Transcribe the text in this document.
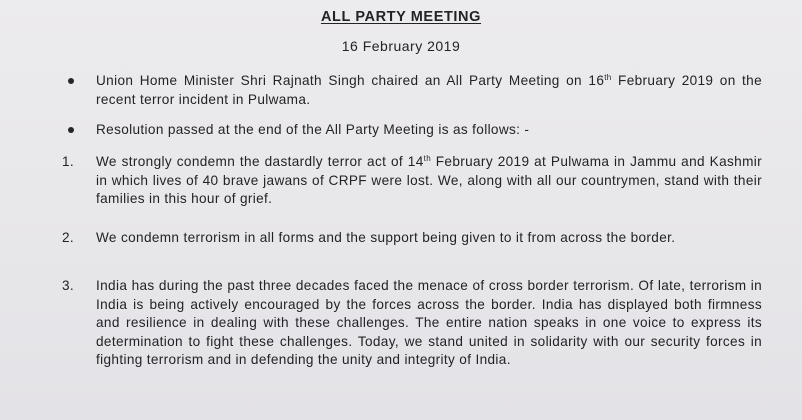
ALL PARTY MEETING
16 February 2019

Union Home Minister Shri Rajnath Singh chaired an All Party Meeting on 16th February 2019 on the recent terror incident in Pulwama.

Resolution passed at the end of the All Party Meeting is as follows: -

1. We strongly condemn the dastardly terror act of 14th February 2019 at Pulwama in Jammu and Kashmir in which lives of 40 brave jawans of CRPF were lost. We, along with all our countrymen, stand with their families in this hour of grief.

2. We condemn terrorism in all forms and the support being given to it from across the border.

3. India has during the past three decades faced the menace of cross border terrorism. Of late, terrorism in India is being actively encouraged by the forces across the border. India has displayed both firmness and resilience in dealing with these challenges. The entire nation speaks in one voice to express its determination to fight these challenges. Today, we stand united in solidarity with our security forces in fighting terrorism and in defending the unity and integrity of India.
